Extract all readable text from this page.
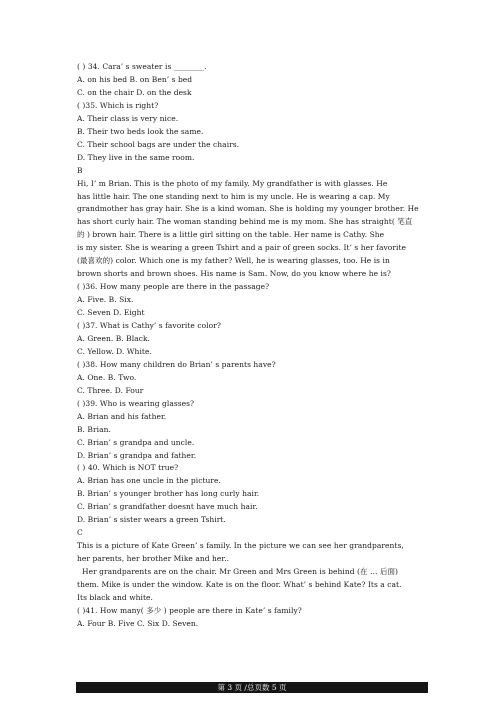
( ) 34. Cara’ s sweater is ________.
A. on his bed B. on Ben’ s bed
C. on the chair D. on the desk
( )35. Which is right?
A. Their class is very nice.
B. Their two beds look the same.
C. Their school bags are under the chairs.
D. They live in the same room.
B
Hi, I’ m Brian. This is the photo of my family. My grandfather is with glasses. He
has little hair. The one standing next to him is my uncle. He is wearing a cap. My
grandmother has gray hair. She is a kind woman. She is holding my younger brother. He
has short curly hair. The woman standing behind me is my mom. She has straight( 笔直
的 ) brown hair. There is a little girl sitting on the table. Her name is Cathy. She
is my sister. She is wearing a green Tshirt and a pair of green socks. It’ s her favorite
(最喜欢的) color. Which one is my father? Well, he is wearing glasses, too. He is in
brown shorts and brown shoes. His name is Sam. Now, do you know where he is?
( )36. How many people are there in the passage?
A. Five. B. Six.
C. Seven D. Eight
( )37. What is Cathy’ s favorite color?
A. Green. B. Black.
C. Yellow. D. White.
( )38. How many children do Brian’ s parents have?
A. One. B. Two.
C. Three. D. Four
( )39. Who is wearing glasses?
A. Brian and his father.
B. Brian.
C. Brian’ s grandpa and uncle.
D. Brian’ s grandpa and father.
( ) 40. Which is NOT true?
A. Brian has one uncle in the picture.
B. Brian’ s younger brother has long curly hair.
C. Brian’ s grandfather doesnt have much hair.
D. Brian’ s sister wears a green Tshirt.
C
This is a picture of Kate Green’ s family. In the picture we can see her grandparents,
her parents, her brother Mike and her..
Her grandparents are on the chair. Mr Green and Mrs Green is behind (在 … 后面)
them. Mike is under the window. Kate is on the floor. What’ s behind Kate? Its a cat.
Its black and white.
( )41. How many( 多少 ) people are there in Kate’ s family?
A. Four B. Five C. Six D. Seven.
第 3 页 /总页数 5 页
